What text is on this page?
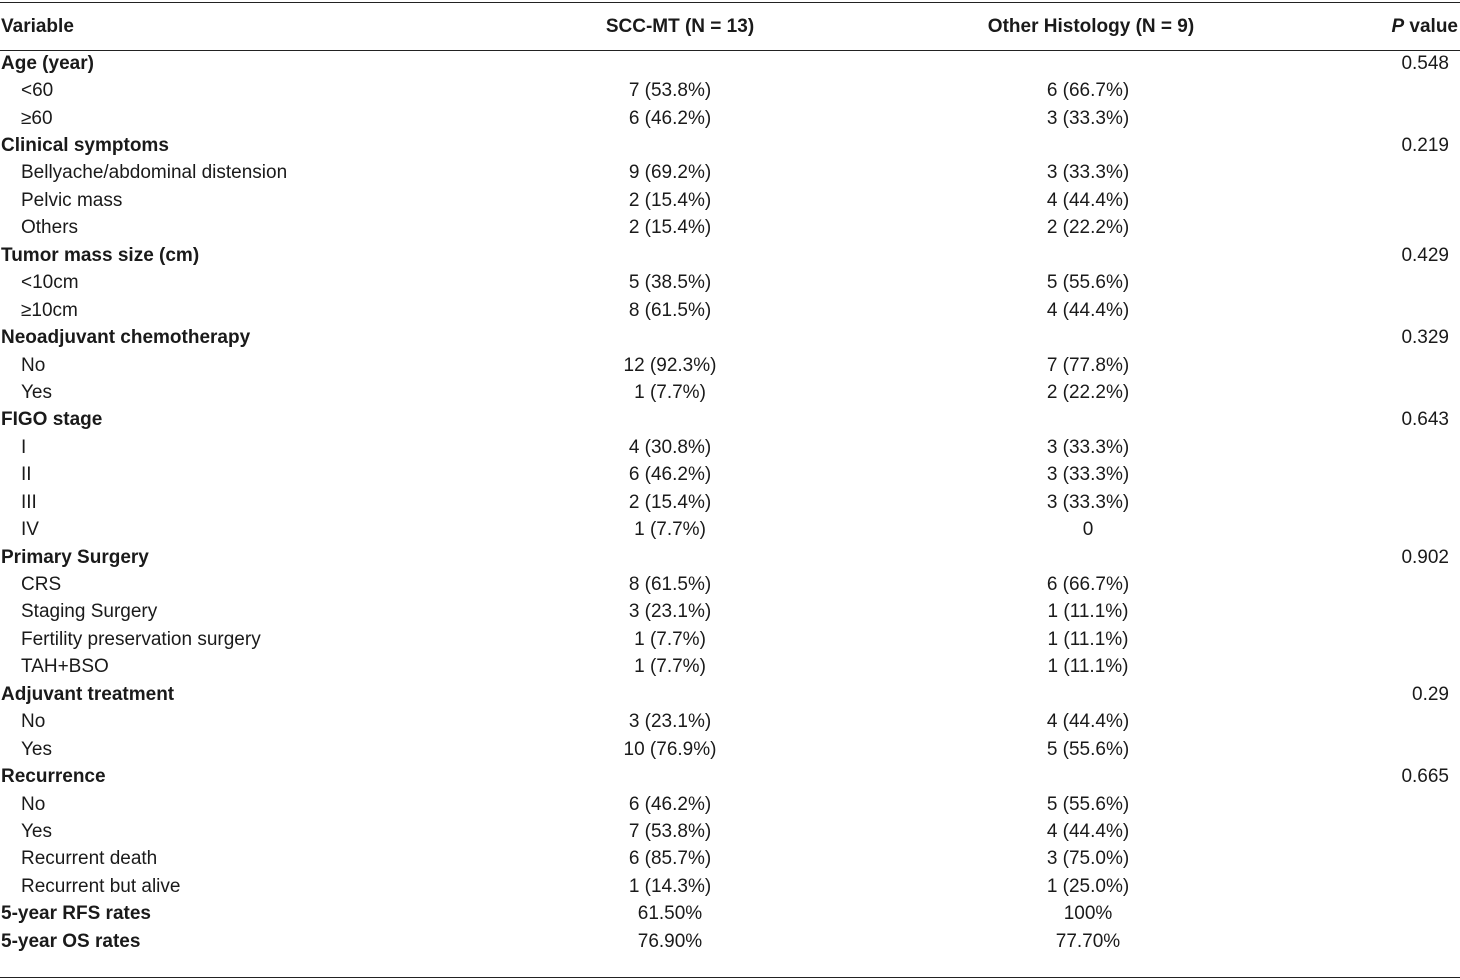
Variable	SCC-MT (N = 13)	Other Histology (N = 9)	P value
Age (year)			0.548
<60	7 (53.8%)	6 (66.7%)	
≥60	6 (46.2%)	3 (33.3%)	
Clinical symptoms			0.219
Bellyache/abdominal distension	9 (69.2%)	3 (33.3%)	
Pelvic mass	2 (15.4%)	4 (44.4%)	
Others	2 (15.4%)	2 (22.2%)	
Tumor mass size (cm)			0.429
<10cm	5 (38.5%)	5 (55.6%)	
≥10cm	8 (61.5%)	4 (44.4%)	
Neoadjuvant chemotherapy			0.329
No	12 (92.3%)	7 (77.8%)	
Yes	1 (7.7%)	2 (22.2%)	
FIGO stage			0.643
I	4 (30.8%)	3 (33.3%)	
II	6 (46.2%)	3 (33.3%)	
III	2 (15.4%)	3 (33.3%)	
IV	1 (7.7%)	0	
Primary Surgery			0.902
CRS	8 (61.5%)	6 (66.7%)	
Staging Surgery	3 (23.1%)	1 (11.1%)	
Fertility preservation surgery	1 (7.7%)	1 (11.1%)	
TAH+BSO	1 (7.7%)	1 (11.1%)	
Adjuvant treatment			0.29
No	3 (23.1%)	4 (44.4%)	
Yes	10 (76.9%)	5 (55.6%)	
Recurrence			0.665
No	6 (46.2%)	5 (55.6%)	
Yes	7 (53.8%)	4 (44.4%)	
Recurrent death	6 (85.7%)	3 (75.0%)	
Recurrent but alive	1 (14.3%)	1 (25.0%)	
5-year RFS rates	61.50%	100%	
5-year OS rates	76.90%	77.70%	
